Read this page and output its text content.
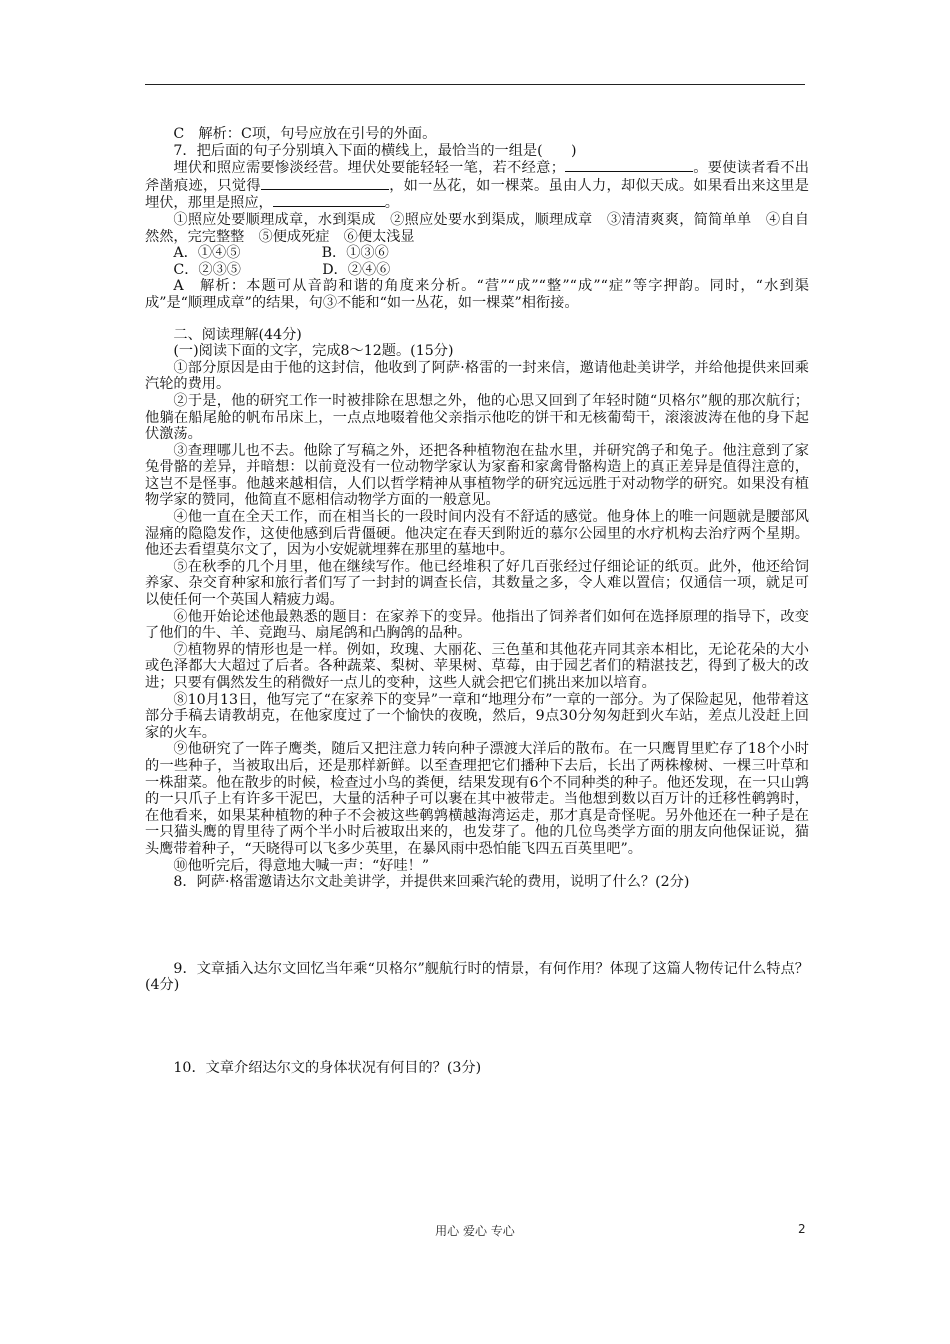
C　解析：C项，句号应放在引号的外面。

7．把后面的句子分别填入下面的横线上，最恰当的一组是(　　)

埋伏和照应需要惨淡经营。埋伏处要能轻轻一笔，若不经意；	。要使读者看不出斧凿痕迹，只觉得	，如一丛花，如一棵菜。虽由人力，却似天成。如果看出来这里是埋伏，那里是照应，	。

①照应处要顺理成章，水到渠成　②照应处要水到渠成，顺理成章　③清清爽爽，简简单单　④自自然然，完完整整　⑤便成死症　⑥便太浅显

A．①④⑤	B．①③⑥

C．②③⑤	D．②④⑥

A　解析：本题可从音韵和谐的角度来分析。“营”“成”“整”“成”“症”等字押韵。同时，“水到渠成”是“顺理成章”的结果，句③不能和“如一丛花，如一棵菜”相衔接。

二、阅读理解(44分)

(一)阅读下面的文字，完成8～12题。(15分)

①部分原因是由于他的这封信，他收到了阿萨·格雷的一封来信，邀请他赴美讲学，并给他提供来回乘汽轮的费用。

②于是，他的研究工作一时被排除在思想之外，他的心思又回到了年轻时随“贝格尔”舰的那次航行；他躺在船尾舱的帆布吊床上，一点点地啜着他父亲指示他吃的饼干和无核葡萄干，滚滚波涛在他的身下起伏激荡。

③查理哪儿也不去。他除了写稿之外，还把各种植物泡在盐水里，并研究鸽子和兔子。他注意到了家兔骨骼的差异，并暗想：以前竟没有一位动物学家认为家畜和家禽骨骼构造上的真正差异是值得注意的，这岂不是怪事。他越来越相信，人们以哲学精神从事植物学的研究远远胜于对动物学的研究。如果没有植物学家的赞同，他简直不愿相信动物学方面的一般意见。

④他一直在全天工作，而在相当长的一段时间内没有不舒适的感觉。他身体上的唯一问题就是腰部风湿痛的隐隐发作，这使他感到后背僵硬。他决定在春天到附近的慕尔公园里的水疗机构去治疗两个星期。他还去看望莫尔文了，因为小安妮就埋葬在那里的墓地中。

⑤在秋季的几个月里，他在继续写作。他已经堆积了好几百张经过仔细论证的纸页。此外，他还给饲养家、杂交育种家和旅行者们写了一封封的调查长信，其数量之多，令人难以置信；仅通信一项，就足可以使任何一个英国人精疲力竭。

⑥他开始论述他最熟悉的题目：在家养下的变异。他指出了饲养者们如何在选择原理的指导下，改变了他们的牛、羊、竞跑马、扇尾鸽和凸胸鸽的品种。

⑦植物界的情形也是一样。例如，玫瑰、大丽花、三色堇和其他花卉同其亲本相比，无论花朵的大小或色泽都大大超过了后者。各种蔬菜、梨树、苹果树、草莓，由于园艺者们的精湛技艺，得到了极大的改进；只要有偶然发生的稍微好一点儿的变种，这些人就会把它们挑出来加以培育。

⑧10月13日，他写完了“在家养下的变异”一章和“地理分布”一章的一部分。为了保险起见，他带着这部分手稿去请教胡克，在他家度过了一个愉快的夜晚，然后，9点30分匆匆赶到火车站，差点儿没赶上回家的火车。

⑨他研究了一阵子鹰类，随后又把注意力转向种子漂渡大洋后的散布。在一只鹰胃里贮存了18个小时的一些种子，当被取出后，还是那样新鲜。以至查理把它们播种下去后，长出了两株橡树、一棵三叶草和一株甜菜。他在散步的时候，检查过小鸟的粪便，结果发现有6个不同种类的种子。他还发现，在一只山鹑的一只爪子上有许多干泥巴，大量的活种子可以裹在其中被带走。当他想到数以百万计的迁移性鹌鹑时，在他看来，如果某种植物的种子不会被这些鹌鹑横越海湾运走，那才真是奇怪呢。另外他还在一种子是在一只猫头鹰的胃里待了两个半小时后被取出来的，也发芽了。他的几位鸟类学方面的朋友向他保证说，猫头鹰带着种子，“天晓得可以飞多少英里，在暴风雨中恐怕能飞四五百英里吧”。

⑩他听完后，得意地大喊一声：“好哇！”

8．阿萨·格雷邀请达尔文赴美讲学，并提供来回乘汽轮的费用，说明了什么？(2分)

9．文章插入达尔文回忆当年乘“贝格尔”舰航行时的情景，有何作用？体现了这篇人物传记什么特点？(4分)

10．文章介绍达尔文的身体状况有何目的？(3分)

用心 爱心 专心	2
